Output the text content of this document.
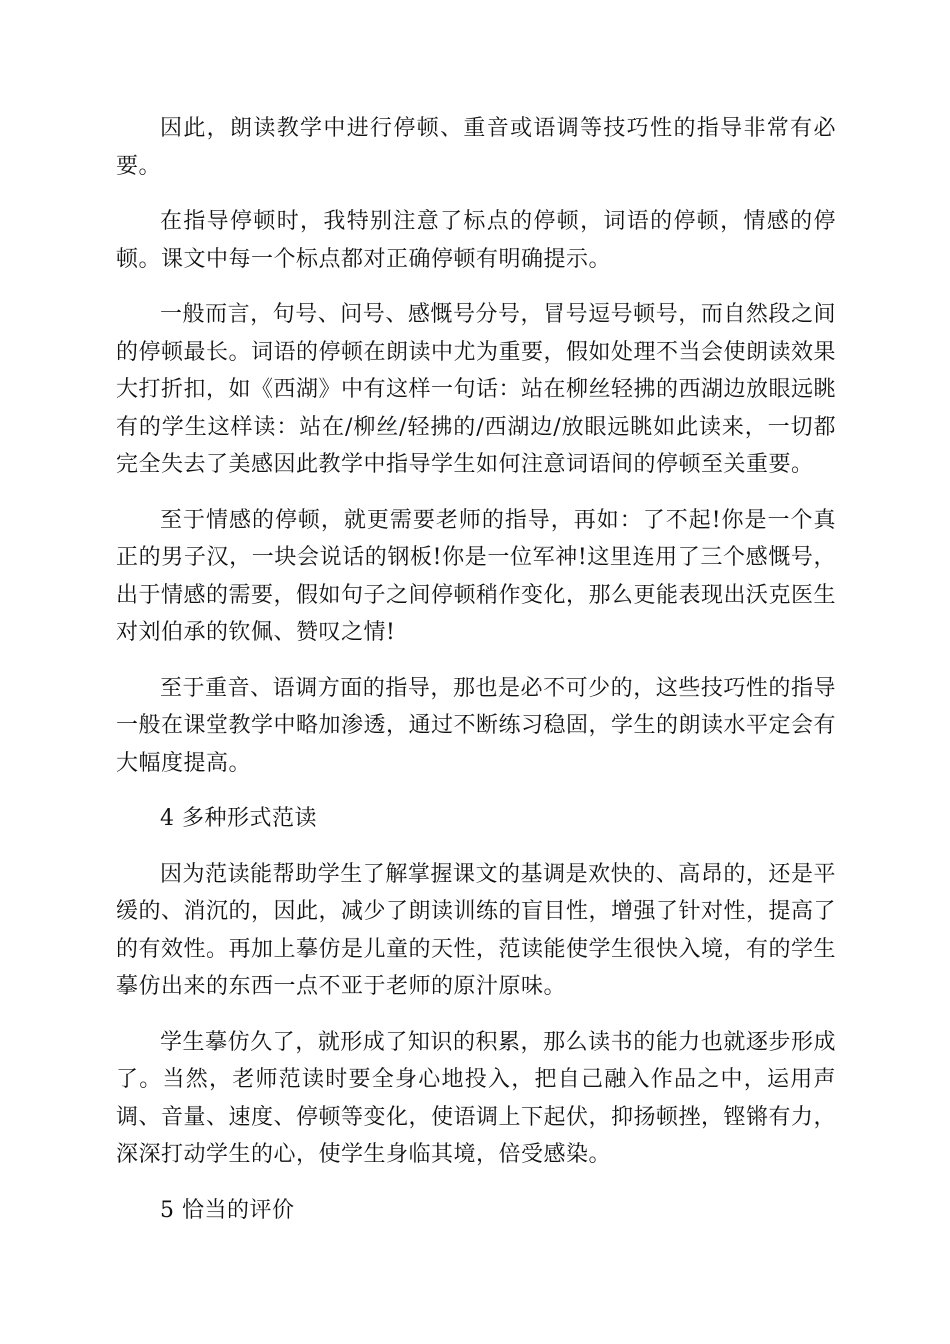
因此，朗读教学中进行停顿、重音或语调等技巧性的指导非常有必要。

在指导停顿时，我特别注意了标点的停顿，词语的停顿，情感的停顿。课文中每一个标点都对正确停顿有明确提示。

一般而言，句号、问号、感慨号分号，冒号逗号顿号，而自然段之间的停顿最长。词语的停顿在朗读中尤为重要，假如处理不当会使朗读效果大打折扣，如《西湖》中有这样一句话：站在柳丝轻拂的西湖边放眼远眺有的学生这样读：站在/柳丝/轻拂的/西湖边/放眼远眺如此读来，一切都完全失去了美感因此教学中指导学生如何注意词语间的停顿至关重要。

至于情感的停顿，就更需要老师的指导，再如：了不起!你是一个真正的男子汉，一块会说话的钢板!你是一位军神!这里连用了三个感慨号，出于情感的需要，假如句子之间停顿稍作变化，那么更能表现出沃克医生对刘伯承的钦佩、赞叹之情!

至于重音、语调方面的指导，那也是必不可少的，这些技巧性的指导一般在课堂教学中略加渗透，通过不断练习稳固，学生的朗读水平定会有大幅度提高。

4 多种形式范读

因为范读能帮助学生了解掌握课文的基调是欢快的、高昂的，还是平缓的、消沉的，因此，减少了朗读训练的盲目性，增强了针对性，提高了的有效性。再加上摹仿是儿童的天性，范读能使学生很快入境，有的学生摹仿出来的东西一点不亚于老师的原汁原味。

学生摹仿久了，就形成了知识的积累，那么读书的能力也就逐步形成了。当然，老师范读时要全身心地投入，把自己融入作品之中，运用声调、音量、速度、停顿等变化，使语调上下起伏，抑扬顿挫，铿锵有力，深深打动学生的心，使学生身临其境，倍受感染。

5 恰当的评价
